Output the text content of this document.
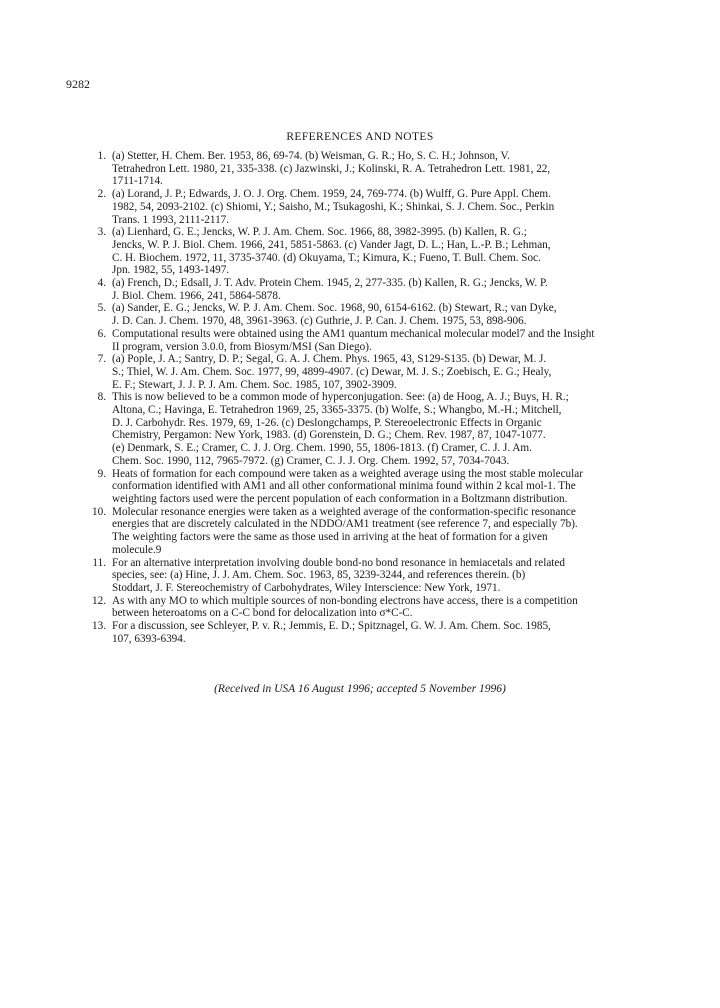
9282
REFERENCES AND NOTES
1. (a) Stetter, H. Chem. Ber. 1953, 86, 69-74. (b) Weisman, G. R.; Ho, S. C. H.; Johnson, V.
Tetrahedron Lett. 1980, 21, 335-338. (c) Jazwinski, J.; Kolinski, R. A. Tetrahedron Lett. 1981, 22,
1711-1714.
2. (a) Lorand, J. P.; Edwards, J. O. J. Org. Chem. 1959, 24, 769-774. (b) Wulff, G. Pure Appl. Chem.
1982, 54, 2093-2102. (c) Shiomi, Y.; Saisho, M.; Tsukagoshi, K.; Shinkai, S. J. Chem. Soc., Perkin
Trans. 1 1993, 2111-2117.
3. (a) Lienhard, G. E.; Jencks, W. P. J. Am. Chem. Soc. 1966, 88, 3982-3995. (b) Kallen, R. G.;
Jencks, W. P. J. Biol. Chem. 1966, 241, 5851-5863. (c) Vander Jagt, D. L.; Han, L.-P. B.; Lehman,
C. H. Biochem. 1972, 11, 3735-3740. (d) Okuyama, T.; Kimura, K.; Fueno, T. Bull. Chem. Soc.
Jpn. 1982, 55, 1493-1497.
4. (a) French, D.; Edsall, J. T. Adv. Protein Chem. 1945, 2, 277-335. (b) Kallen, R. G.; Jencks, W. P.
J. Biol. Chem. 1966, 241, 5864-5878.
5. (a) Sander, E. G.; Jencks, W. P. J. Am. Chem. Soc. 1968, 90, 6154-6162. (b) Stewart, R.; van Dyke,
J. D. Can. J. Chem. 1970, 48, 3961-3963. (c) Guthrie, J. P. Can. J. Chem. 1975, 53, 898-906.
6. Computational results were obtained using the AM1 quantum mechanical molecular model7 and the Insight
II program, version 3.0.0, from Biosym/MSI (San Diego).
7. (a) Pople, J. A.; Santry, D. P.; Segal, G. A. J. Chem. Phys. 1965, 43, S129-S135. (b) Dewar, M. J.
S.; Thiel, W. J. Am. Chem. Soc. 1977, 99, 4899-4907. (c) Dewar, M. J. S.; Zoebisch, E. G.; Healy,
E. F.; Stewart, J. J. P. J. Am. Chem. Soc. 1985, 107, 3902-3909.
8. This is now believed to be a common mode of hyperconjugation. See: (a) de Hoog, A. J.; Buys, H. R.;
Altona, C.; Havinga, E. Tetrahedron 1969, 25, 3365-3375. (b) Wolfe, S.; Whangbo, M.-H.; Mitchell,
D. J. Carbohydr. Res. 1979, 69, 1-26. (c) Deslongchamps, P. Stereoelectronic Effects in Organic
Chemistry, Pergamon: New York, 1983. (d) Gorenstein, D. G.; Chem. Rev. 1987, 87, 1047-1077.
(e) Denmark, S. E.; Cramer, C. J. J. Org. Chem. 1990, 55, 1806-1813. (f) Cramer, C. J. J. Am.
Chem. Soc. 1990, 112, 7965-7972. (g) Cramer, C. J. J. Org. Chem. 1992, 57, 7034-7043.
9. Heats of formation for each compound were taken as a weighted average using the most stable molecular
conformation identified with AM1 and all other conformational minima found within 2 kcal mol-1. The
weighting factors used were the percent population of each conformation in a Boltzmann distribution.
10. Molecular resonance energies were taken as a weighted average of the conformation-specific resonance
energies that are discretely calculated in the NDDO/AM1 treatment (see reference 7, and especially 7b).
The weighting factors were the same as those used in arriving at the heat of formation for a given
molecule.9
11. For an alternative interpretation involving double bond-no bond resonance in hemiacetals and related
species, see: (a) Hine, J. J. Am. Chem. Soc. 1963, 85, 3239-3244, and references therein. (b)
Stoddart, J. F. Stereochemistry of Carbohydrates, Wiley Interscience: New York, 1971.
12. As with any MO to which multiple sources of non-bonding electrons have access, there is a competition
between heteroatoms on a C-C bond for delocalization into σ*C-C.
13. For a discussion, see Schleyer, P. v. R.; Jemmis, E. D.; Spitznagel, G. W. J. Am. Chem. Soc. 1985,
107, 6393-6394.
(Received in USA 16 August 1996; accepted 5 November 1996)
